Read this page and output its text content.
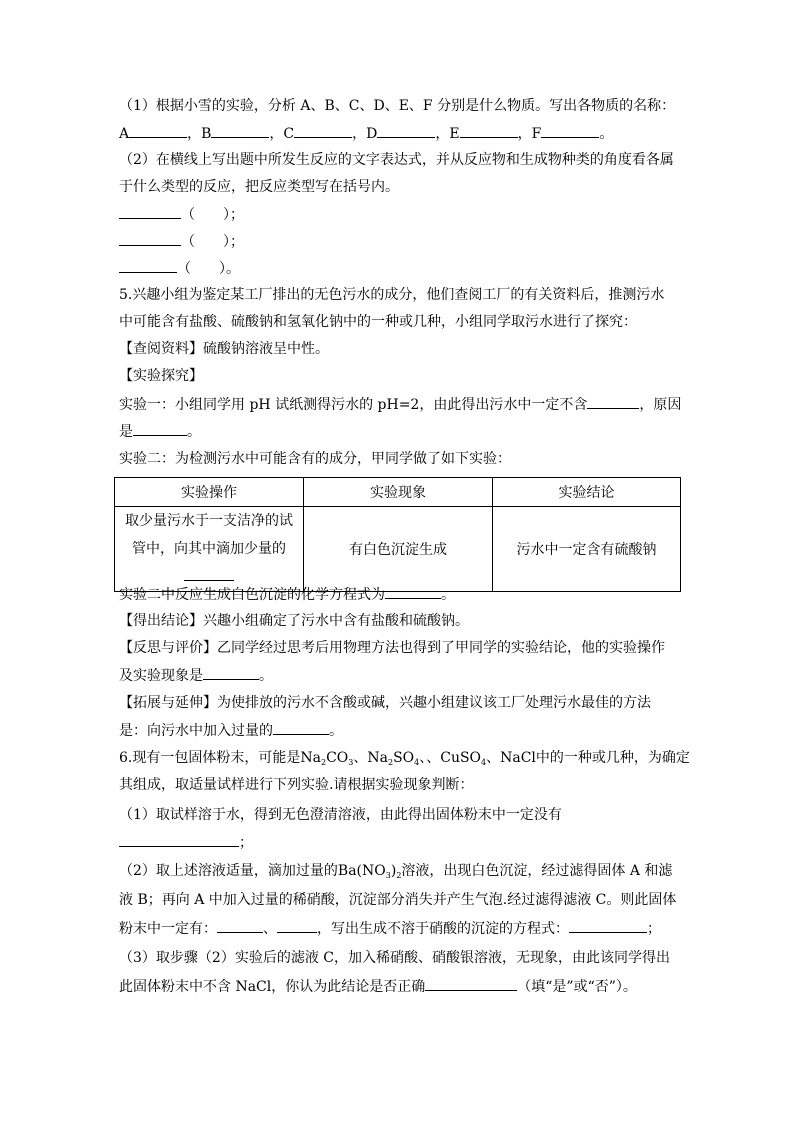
（1）根据小雪的实验，分析 A、B、C、D、E、F 分别是什么物质。写出各物质的名称：
A	，B	，C	，D	，E	，F	。
（2）在横线上写出题中所发生反应的文字表达式，并从反应物和生成物种类的角度看各属
于什么类型的反应，把反应类型写在括号内。
（　　）；
（　　）；
（　　）。
5.兴趣小组为鉴定某工厂排出的无色污水的成分，他们查阅工厂的有关资料后，推测污水
中可能含有盐酸、硫酸钠和氢氧化钠中的一种或几种，小组同学取污水进行了探究：
【查阅资料】硫酸钠溶液呈中性。
【实验探究】
实验一：小组同学用 pH 试纸测得污水的 pH=2，由此得出污水中一定不含	，原因
是	。
实验二：为检测污水中可能含有的成分，甲同学做了如下实验：
实验操作	实验现象	实验结论

取少量污水于一支洁净的试
管中，向其中滴加少量的	有白色沉淀生成	污水中一定含有硫酸钠
实验二中反应生成白色沉淀的化学方程式为	。
【得出结论】兴趣小组确定了污水中含有盐酸和硫酸钠。
【反思与评价】乙同学经过思考后用物理方法也得到了甲同学的实验结论，他的实验操作
及实验现象是	。
【拓展与延伸】为使排放的污水不含酸或碱，兴趣小组建议该工厂处理污水最佳的方法
是：向污水中加入过量的	。
6.现有一包固体粉末，可能是$Na_2CO_3$、$Na_2SO_4$、、CuSO$_4$、NaCl中的一种或几种，为确定
其组成，取适量试样进行下列实验.请根据实验现象判断：
（1）取试样溶于水，得到无色澄清溶液，由此得出固体粉末中一定没有
；
（2）取上述溶液适量，滴加过量的$Ba(NO_3)_2$溶液，出现白色沉淀，经过滤得固体 A 和滤
液 B；再向 A 中加入过量的稀硝酸，沉淀部分消失并产生气泡.经过滤得滤液 C。则此固体
粉末中一定有：	、	，写出生成不溶于硝酸的沉淀的方程式：	；
（3）取步骤（2）实验后的滤液 C，加入稀硝酸、硝酸银溶液，无现象，由此该同学得出
此固体粉末中不含 NaCl，你认为此结论是否正确	（填“是”或“否”）。
